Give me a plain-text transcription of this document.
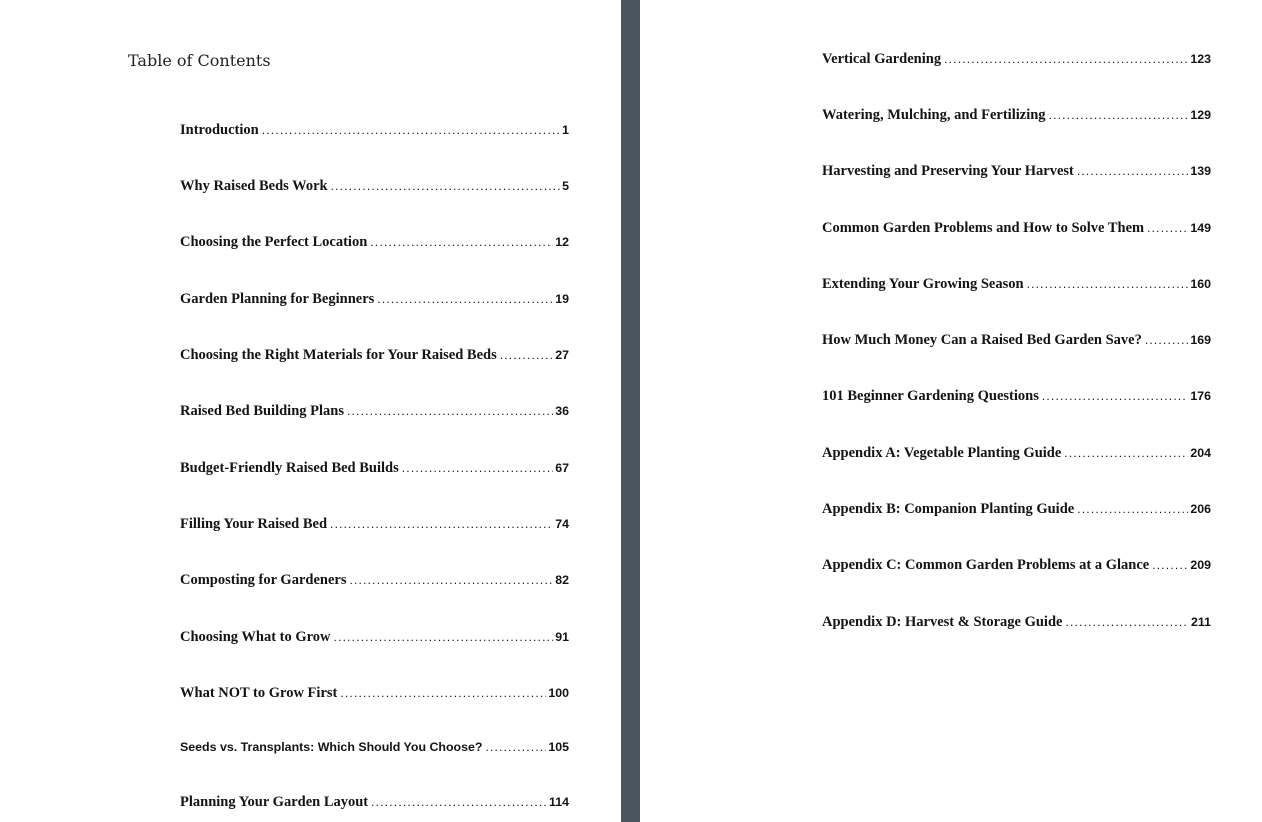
Table of Contents
Introduction .....	1
Why Raised Beds Work .....	5
Choosing the Perfect Location .....	12
Garden Planning for Beginners .....	19
Choosing the Right Materials for Your Raised Beds .....	27
Raised Bed Building Plans .....	36
Budget-Friendly Raised Bed Builds .....	67
Filling Your Raised Bed .....	74
Composting for Gardeners .....	82
Choosing What to Grow .....	91
What NOT to Grow First .....	100
Seeds vs. Transplants: Which Should You Choose? .....	105
Planning Your Garden Layout .....	114
Vertical Gardening .....	123
Watering, Mulching, and Fertilizing .....	129
Harvesting and Preserving Your Harvest .....	139
Common Garden Problems and How to Solve Them .....	149
Extending Your Growing Season .....	160
How Much Money Can a Raised Bed Garden Save? .....	169
101 Beginner Gardening Questions .....	176
Appendix A: Vegetable Planting Guide .....	204
Appendix B: Companion Planting Guide .....	206
Appendix C: Common Garden Problems at a Glance .....	209
Appendix D: Harvest & Storage Guide .....	211
